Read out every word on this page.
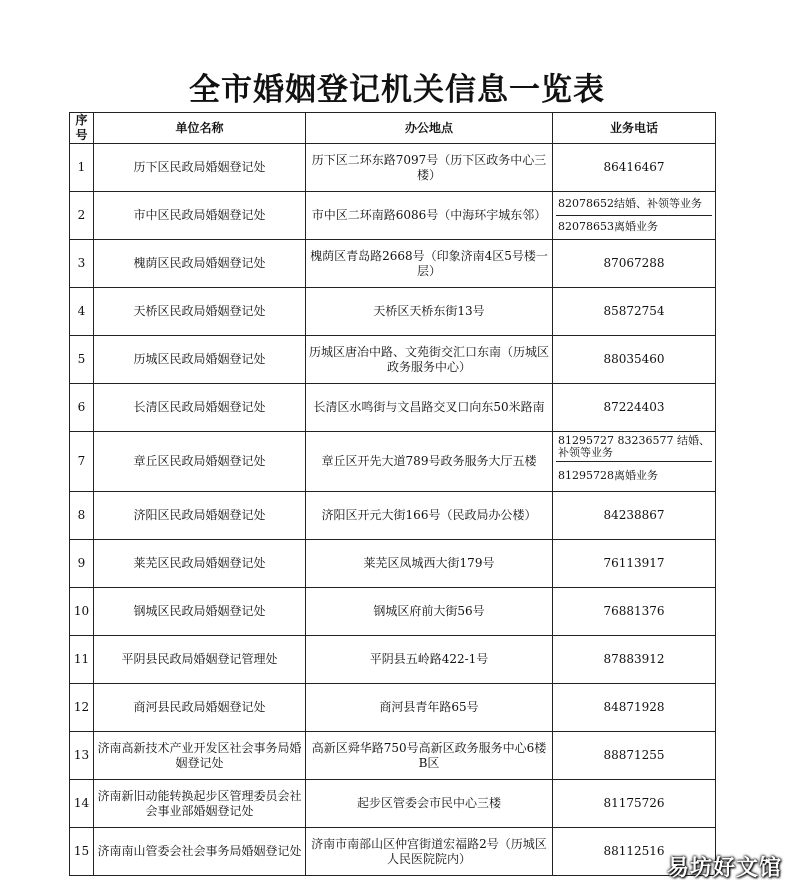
全市婚姻登记机关信息一览表
序号	单位名称	办公地点	业务电话
1	历下区民政局婚姻登记处	历下区二环东路7097号（历下区政务中心三楼）	86416467
2	市中区民政局婚姻登记处	市中区二环南路6086号（中海环宇城东邻）	82078652结婚、补领等业务
82078653离婚业务

3	槐荫区民政局婚姻登记处	槐荫区青岛路2668号（印象济南4区5号楼一层）	87067288
4	天桥区民政局婚姻登记处	天桥区天桥东街13号	85872754
5	历城区民政局婚姻登记处	历城区唐冶中路、文苑街交汇口东南（历城区政务服务中心）	88035460
6	长清区民政局婚姻登记处	长清区水鸣街与文昌路交叉口向东50米路南	87224403
7	章丘区民政局婚姻登记处	章丘区开先大道789号政务服务大厅五楼	81295727 83236577 结婚、补领等业务
81295728离婚业务

8	济阳区民政局婚姻登记处	济阳区开元大街166号（民政局办公楼）	84238867
9	莱芜区民政局婚姻登记处	莱芜区凤城西大街179号	76113917
10	钢城区民政局婚姻登记处	钢城区府前大街56号	76881376
11	平阴县民政局婚姻登记管理处	平阴县五岭路422-1号	87883912
12	商河县民政局婚姻登记处	商河县青年路65号	84871928
13	济南高新技术产业开发区社会事务局婚姻登记处	高新区舜华路750号高新区政务服务中心6楼B区	88871255
14	济南新旧动能转换起步区管理委员会社会事业部婚姻登记处	起步区管委会市民中心三楼	81175726
15	济南南山管委会社会事务局婚姻登记处	济南市南部山区仲宫街道宏福路2号（历城区人民医院院内）	88112516
易坊好文馆
